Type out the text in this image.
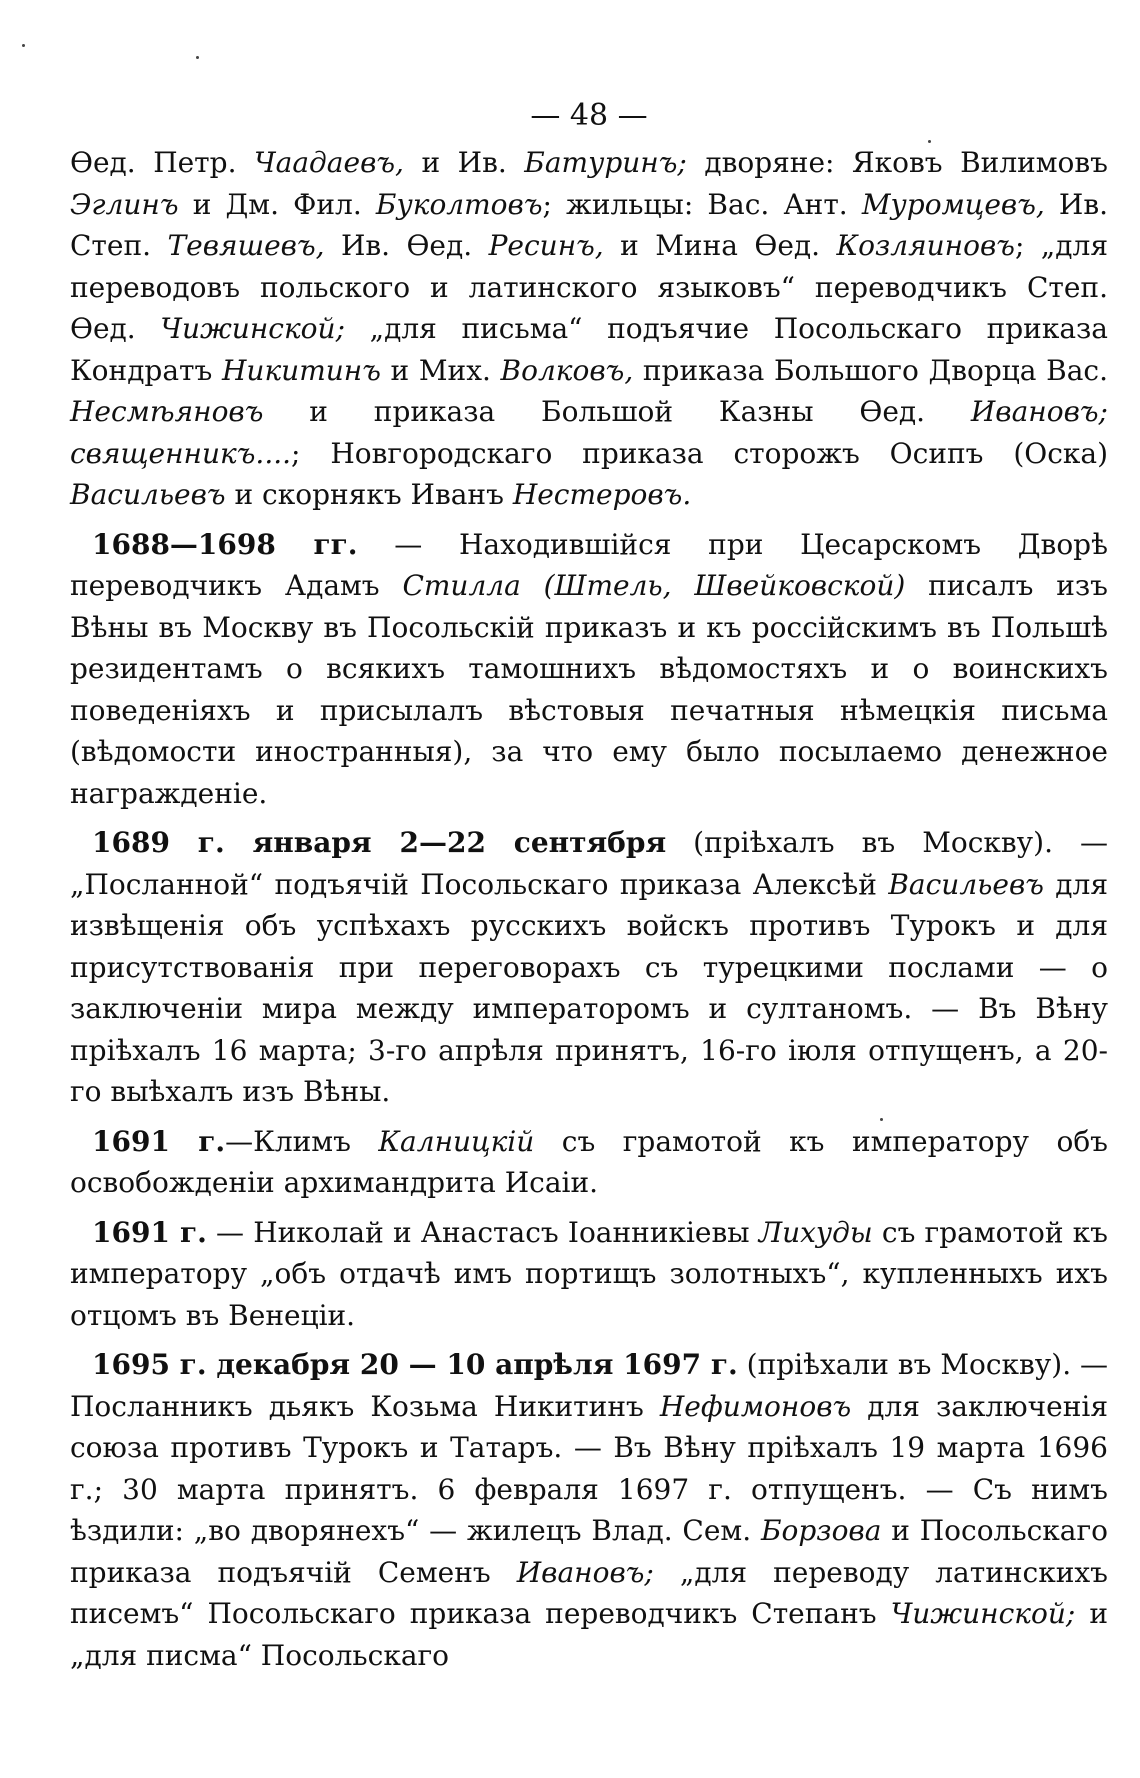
— 48 —

Ѳед. Петр. Чаадаевъ, и Ив. Батуринъ; дворяне: Яковъ Вилимовъ Эглинъ и Дм. Фил. Буколтовъ; жильцы: Вас. Ант. Муромцевъ, Ив. Степ. Тевяшевъ, Ив. Ѳед. Ресинъ, и Мина Ѳед. Козляиновъ; „для переводовъ польского и латинского языковъ“ переводчикъ Степ. Ѳед. Чижинской; „для письма“ подъячие Посольскаго приказа Кондратъ Никитинъ и Мих. Волковъ, приказа Большого Дворца Вас. Несмѣяновъ и приказа Большой Казны Ѳед. Ивановъ; священникъ....; Новгородскаго приказа сторожъ Осипъ (Оска) Васильевъ и скорнякъ Иванъ Нестеровъ.

1688—1698 гг. — Находившійся при Цесарскомъ Дворѣ переводчикъ Адамъ Стилла (Штель, Швейковской) писалъ изъ Вѣны въ Москву въ Посольскій приказъ и къ россійскимъ въ Польшѣ резидентамъ о всякихъ тамошнихъ вѣдомостяхъ и о воинскихъ поведеніяхъ и присылалъ вѣстовыя печатныя нѣмецкія письма (вѣдомости иностранныя), за что ему было посылаемо денежное награжденіе.

1689 г. января 2—22 сентября (пріѣхалъ въ Москву). — „Посланной“ подъячій Посольскаго приказа Алексѣй Васильевъ для извѣщенія объ успѣхахъ русскихъ войскъ противъ Турокъ и для присутствованія при переговорахъ съ турецкими послами — о заключеніи мира между императоромъ и султаномъ. — Въ Вѣну пріѣхалъ 16 марта; 3-го апрѣля принятъ, 16-го іюля отпущенъ, а 20-го выѣхалъ изъ Вѣны.

1691 г.—Климъ Калницкій съ грамотой къ императору объ освобожденіи архимандрита Исаіи.

1691 г. — Николай и Анастасъ Іоанникіевы Лихуды съ грамотой къ императору „объ отдачѣ имъ портищъ золотныхъ“, купленныхъ ихъ отцомъ въ Венеціи.

1695 г. декабря 20 — 10 апрѣля 1697 г. (пріѣхали въ Москву). — Посланникъ дьякъ Козьма Никитинъ Нефимоновъ для заключенія союза противъ Турокъ и Татаръ. — Въ Вѣну пріѣхалъ 19 марта 1696 г.; 30 марта принятъ. 6 февраля 1697 г. отпущенъ. — Съ нимъ ѣздили: „во дворянехъ“ — жилецъ Влад. Сем. Борзова и Посольскаго приказа подъячій Семенъ Ивановъ; „для переводу латинскихъ писемъ“ Посольскаго приказа переводчикъ Степанъ Чижинской; и „для писма“ Посольскаго
